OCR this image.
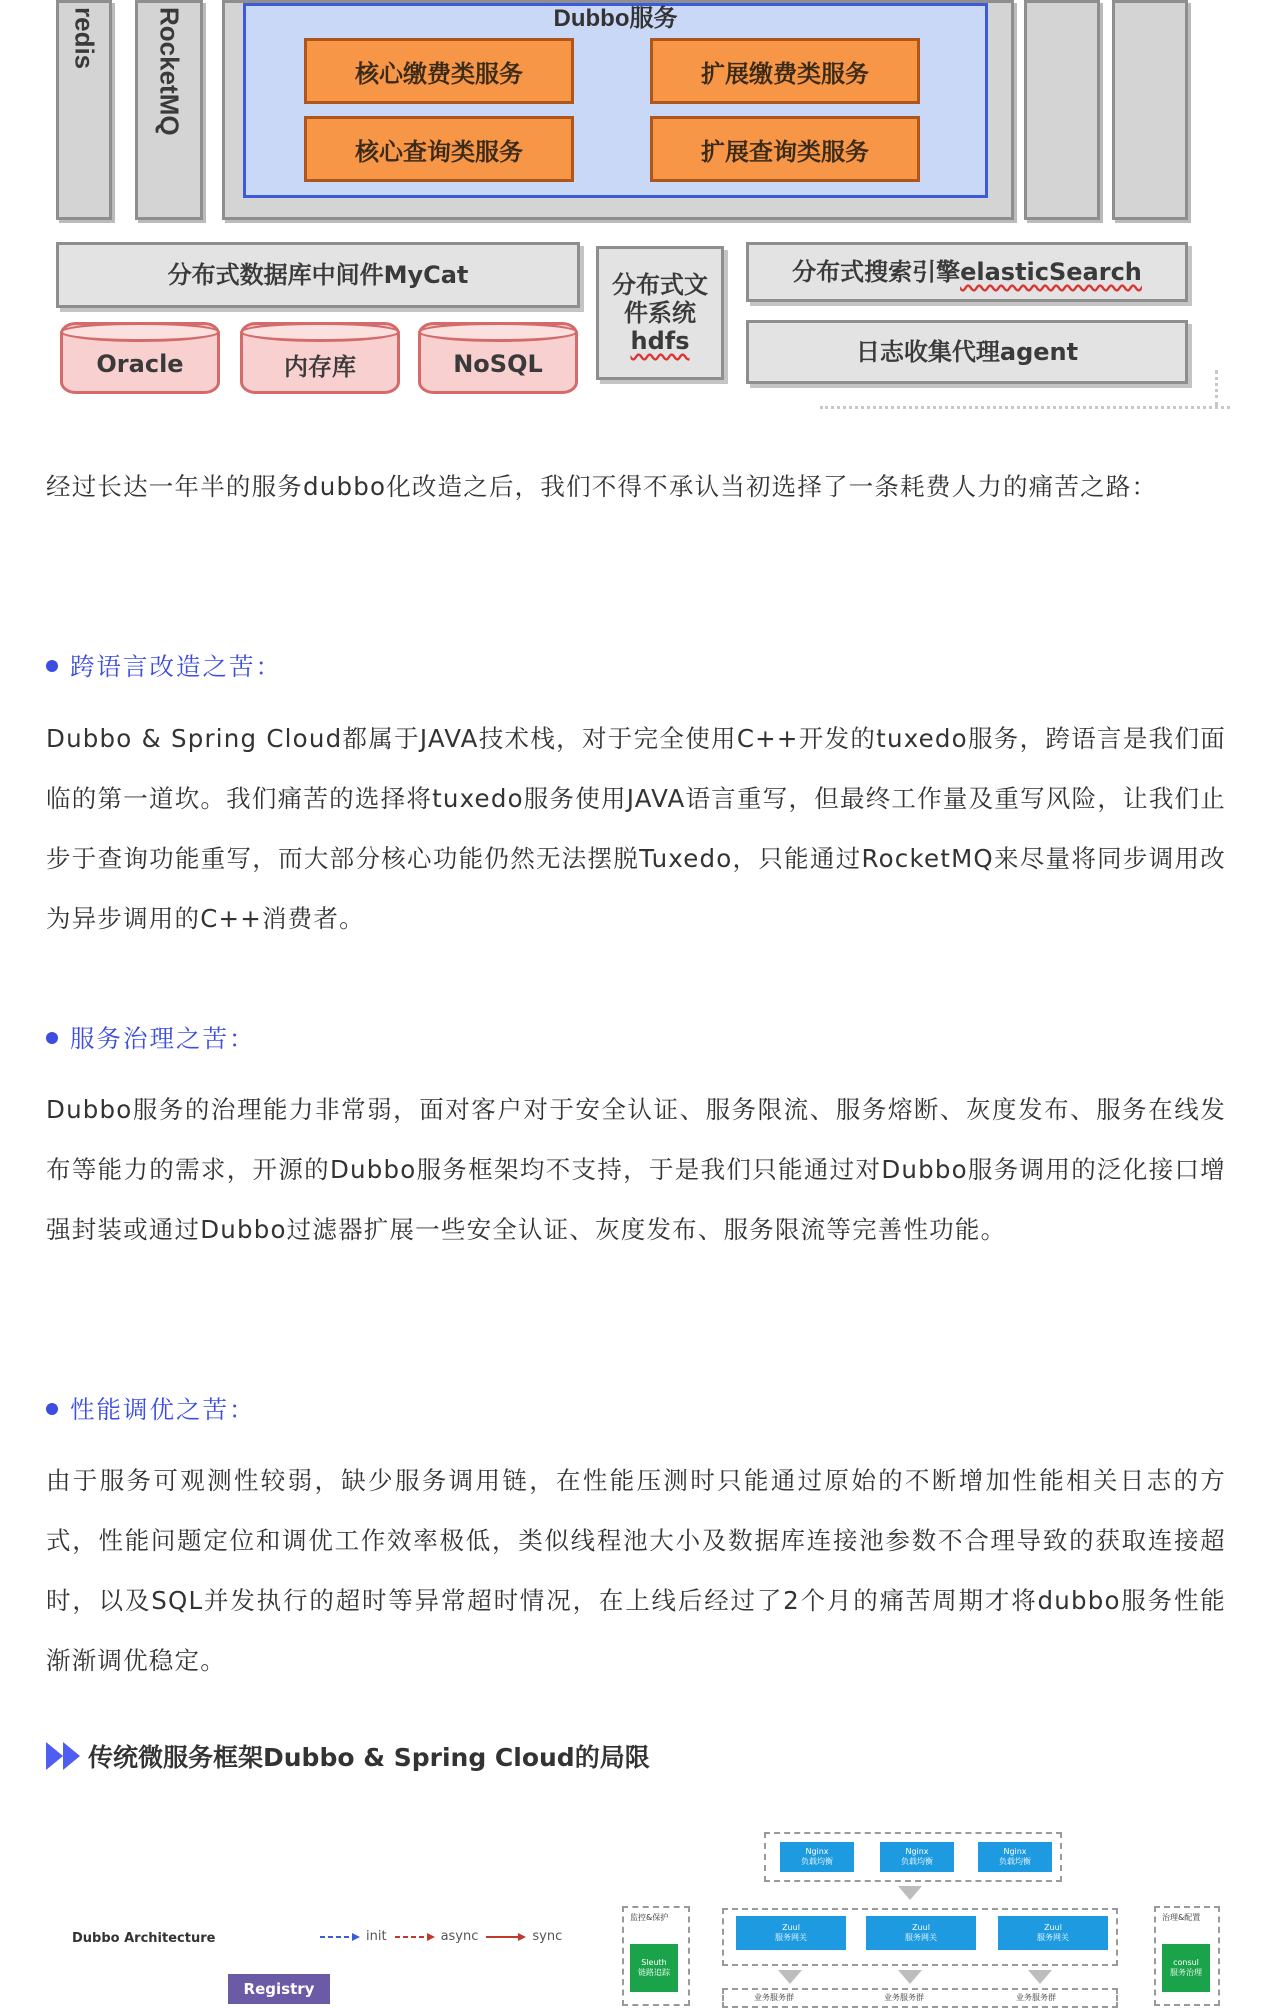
redis RocketMQ	Dubbo服务
核心缴费类服务	扩展缴费类服务
核心查询类服务	扩展查询类服务
分布式数据库中间件MyCat	分布式文
件系统
hdfs
分布式搜索引擎 elasticSearch
日志收集代理agent
Oracle	内存库	NoSQL

经过长达一年半的服务dubbo化改造之后，我们不得不承认当初选择了一条耗费人力的痛苦之路：

跨语言改造之苦：

Dubbo & Spring Cloud都属于JAVA技术栈，对于完全使用C++开发的tuxedo服务，跨语言是我们面临的第一道坎。我们痛苦的选择将tuxedo服务使用JAVA语言重写，但最终工作量及重写风险，让我们止步于查询功能重写，而大部分核心功能仍然无法摆脱Tuxedo，只能通过RocketMQ来尽量将同步调用改为异步调用的C++消费者。

服务治理之苦：

Dubbo服务的治理能力非常弱，面对客户对于安全认证、服务限流、服务熔断、灰度发布、服务在线发布等能力的需求，开源的Dubbo服务框架均不支持，于是我们只能通过对Dubbo服务调用的泛化接口增强封装或通过Dubbo过滤器扩展一些安全认证、灰度发布、服务限流等完善性功能。

性能调优之苦：

由于服务可观测性较弱，缺少服务调用链，在性能压测时只能通过原始的不断增加性能相关日志的方式，性能问题定位和调优工作效率极低，类似线程池大小及数据库连接池参数不合理导致的获取连接超时，以及SQL并发执行的超时等异常超时情况，在上线后经过了2个月的痛苦周期才将dubbo服务性能渐渐调优稳定。

传统微服务框架Dubbo & Spring Cloud的局限
Dubbo Architecture	init	async	sync
Registry
Nginx
负载均衡
Nginx
负载均衡
Nginx
负载均衡
Zuul
服务网关
Zuul
服务网关
Zuul
服务网关
业务服务群	业务服务群	业务服务群
监控&保护
Sleuth
链路追踪
治理&配置
consul
服务治理
